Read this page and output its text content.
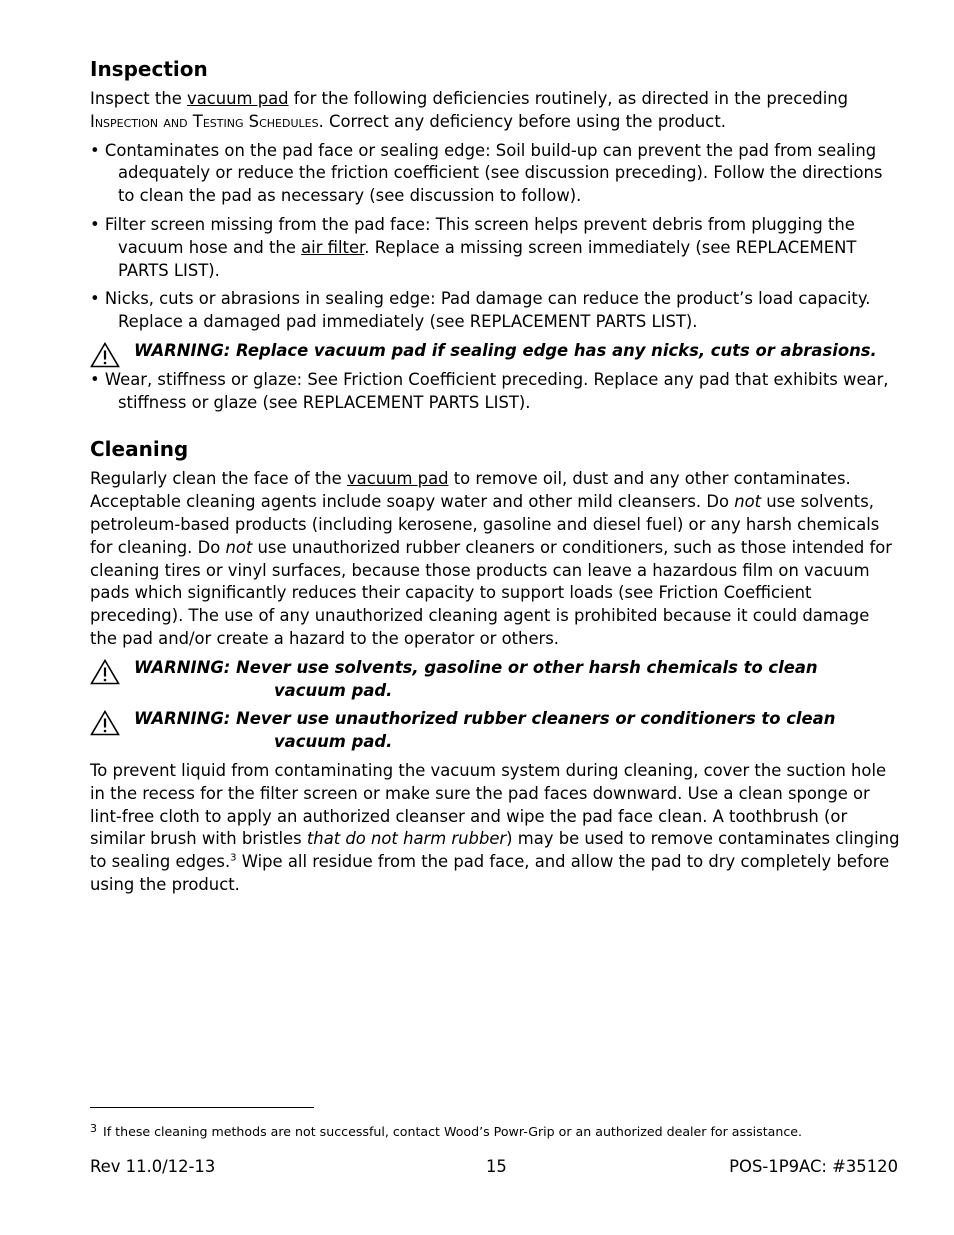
Inspection

Inspect the vacuum pad for the following deficiencies routinely, as directed in the preceding Inspection and Testing Schedules. Correct any deficiency before using the product.

• Contaminates on the pad face or sealing edge: Soil build-up can prevent the pad from sealing adequately or reduce the friction coefficient (see discussion preceding). Follow the directions to clean the pad as necessary (see discussion to follow).

• Filter screen missing from the pad face: This screen helps prevent debris from plugging the vacuum hose and the air filter. Replace a missing screen immediately (see REPLACEMENT PARTS LIST).

• Nicks, cuts or abrasions in sealing edge: Pad damage can reduce the product’s load capacity. Replace a damaged pad immediately (see REPLACEMENT PARTS LIST).

WARNING: Replace vacuum pad if sealing edge has any nicks, cuts or abrasions.

• Wear, stiffness or glaze: See Friction Coefficient preceding. Replace any pad that exhibits wear, stiffness or glaze (see REPLACEMENT PARTS LIST).

Cleaning

Regularly clean the face of the vacuum pad to remove oil, dust and any other contaminates. Acceptable cleaning agents include soapy water and other mild cleansers. Do not use solvents, petroleum-based products (including kerosene, gasoline and diesel fuel) or any harsh chemicals for cleaning. Do not use unauthorized rubber cleaners or conditioners, such as those intended for cleaning tires or vinyl surfaces, because those products can leave a hazardous film on vacuum pads which significantly reduces their capacity to support loads (see Friction Coefficient preceding). The use of any unauthorized cleaning agent is prohibited because it could damage the pad and/or create a hazard to the operator or others.

WARNING: Never use solvents, gasoline or other harsh chemicals to clean
vacuum pad.
WARNING: Never use unauthorized rubber cleaners or conditioners to clean
vacuum pad.

To prevent liquid from contaminating the vacuum system during cleaning, cover the suction hole in the recess for the filter screen or make sure the pad faces downward. Use a clean sponge or lint-free cloth to apply an authorized cleanser and wipe the pad face clean. A toothbrush (or similar brush with bristles that do not harm rubber) may be used to remove contaminates clinging to sealing edges.$^3$ Wipe all residue from the pad face, and allow the pad to dry completely before using the product.

$^3$ If these cleaning methods are not successful, contact Wood’s Powr-Grip or an authorized dealer for assistance.
Rev 11.0/12-13	15	POS-1P9AC: #35120
